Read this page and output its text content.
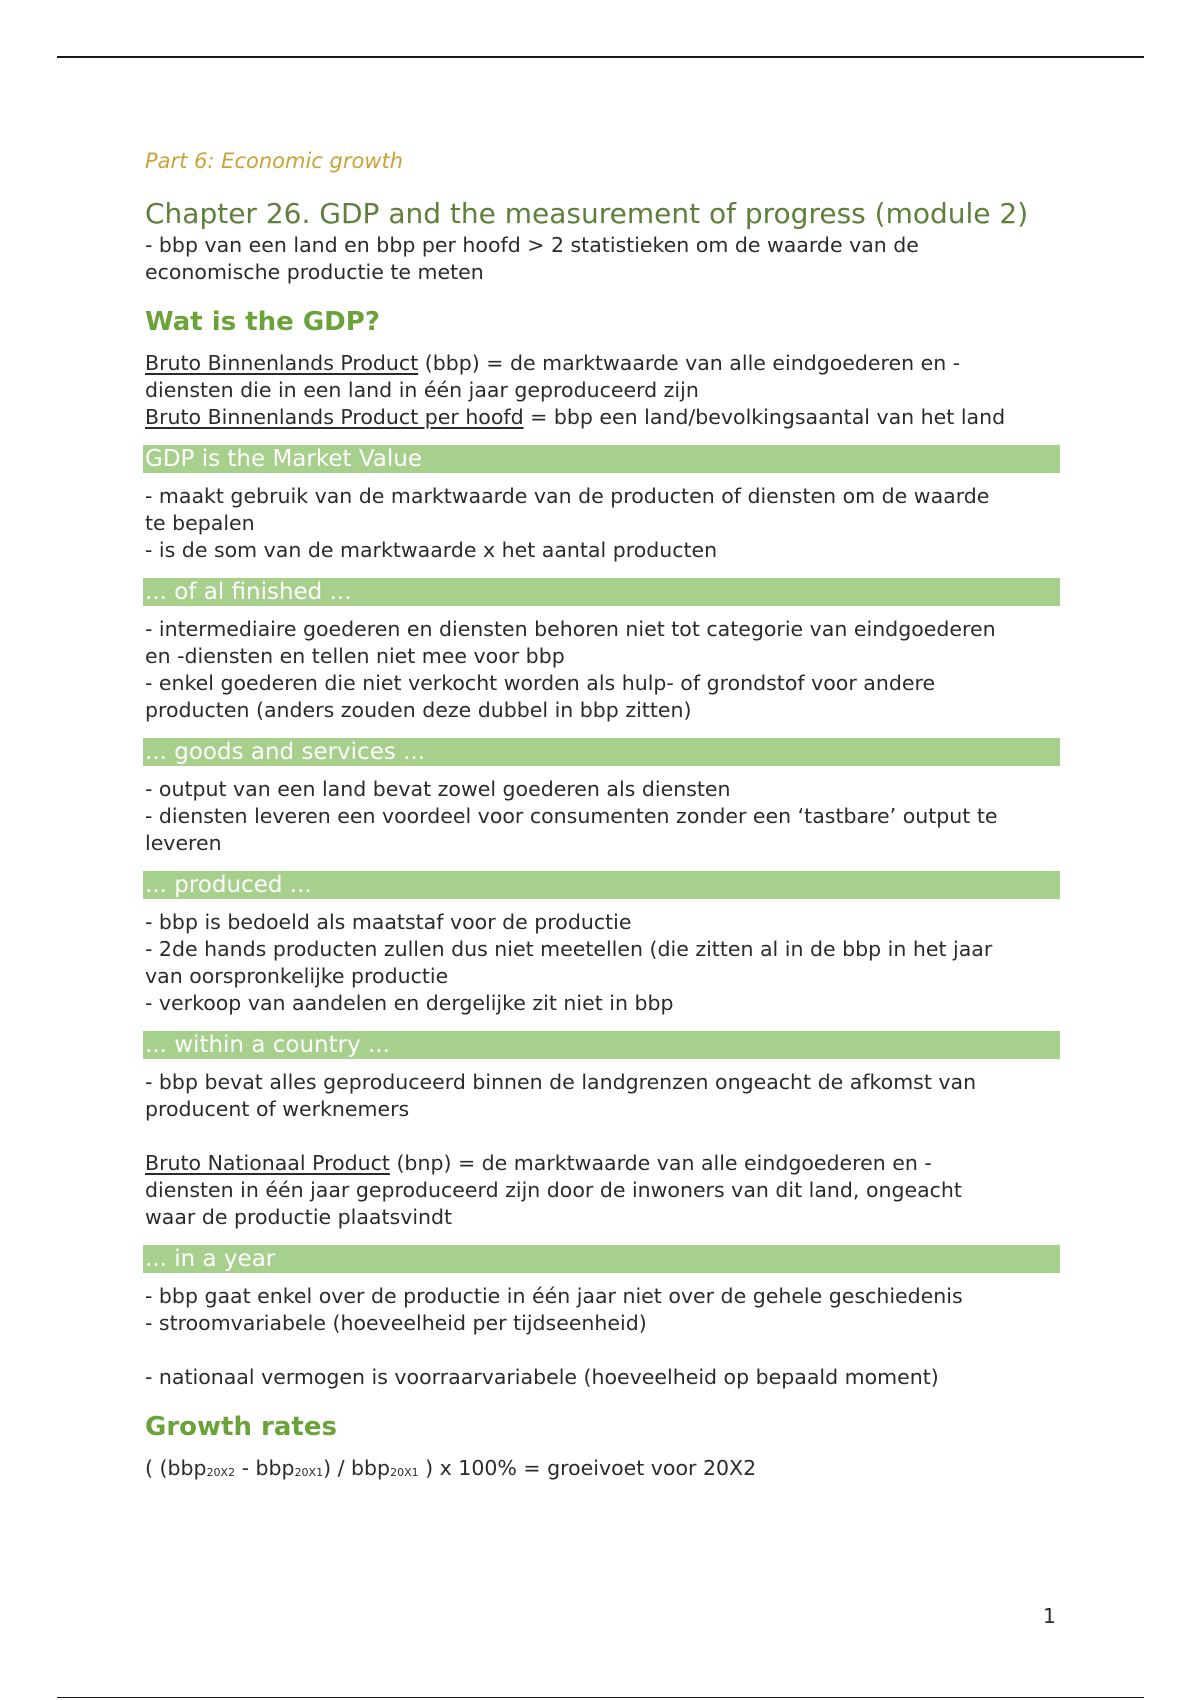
Part 6: Economic growth

Chapter 26. GDP and the measurement of progress (module 2)

- bbp van een land en bbp per hoofd > 2 statistieken om de waarde van de

economische productie te meten

Wat is the GDP?

Bruto Binnenlands Product (bbp) = de marktwaarde van alle eindgoederen en -

diensten die in een land in één jaar geproduceerd zijn

Bruto Binnenlands Product per hoofd = bbp een land/bevolkingsaantal van het land

GDP is the Market Value

- maakt gebruik van de marktwaarde van de producten of diensten om de waarde

te bepalen

- is de som van de marktwaarde x het aantal producten

... of al finished ...

- intermediaire goederen en diensten behoren niet tot categorie van eindgoederen

en -diensten en tellen niet mee voor bbp

- enkel goederen die niet verkocht worden als hulp- of grondstof voor andere

producten (anders zouden deze dubbel in bbp zitten)

... goods and services ...

- output van een land bevat zowel goederen als diensten

- diensten leveren een voordeel voor consumenten zonder een ‘tastbare’ output te

leveren

... produced ...

- bbp is bedoeld als maatstaf voor de productie

- 2de hands producten zullen dus niet meetellen (die zitten al in de bbp in het jaar

van oorspronkelijke productie

- verkoop van aandelen en dergelijke zit niet in bbp

... within a country ...

- bbp bevat alles geproduceerd binnen de landgrenzen ongeacht de afkomst van

producent of werknemers

Bruto Nationaal Product (bnp) = de marktwaarde van alle eindgoederen en -

diensten in één jaar geproduceerd zijn door de inwoners van dit land, ongeacht

waar de productie plaatsvindt

... in a year

- bbp gaat enkel over de productie in één jaar niet over de gehele geschiedenis

- stroomvariabele (hoeveelheid per tijdseenheid)

- nationaal vermogen is voorraarvariabele (hoeveelheid op bepaald moment)

Growth rates

( (bbp$_{20X2}$ - bbp$_{20X1}$) / bbp$_{20X1}$ ) x 100% = groeivoet voor 20X2

1
